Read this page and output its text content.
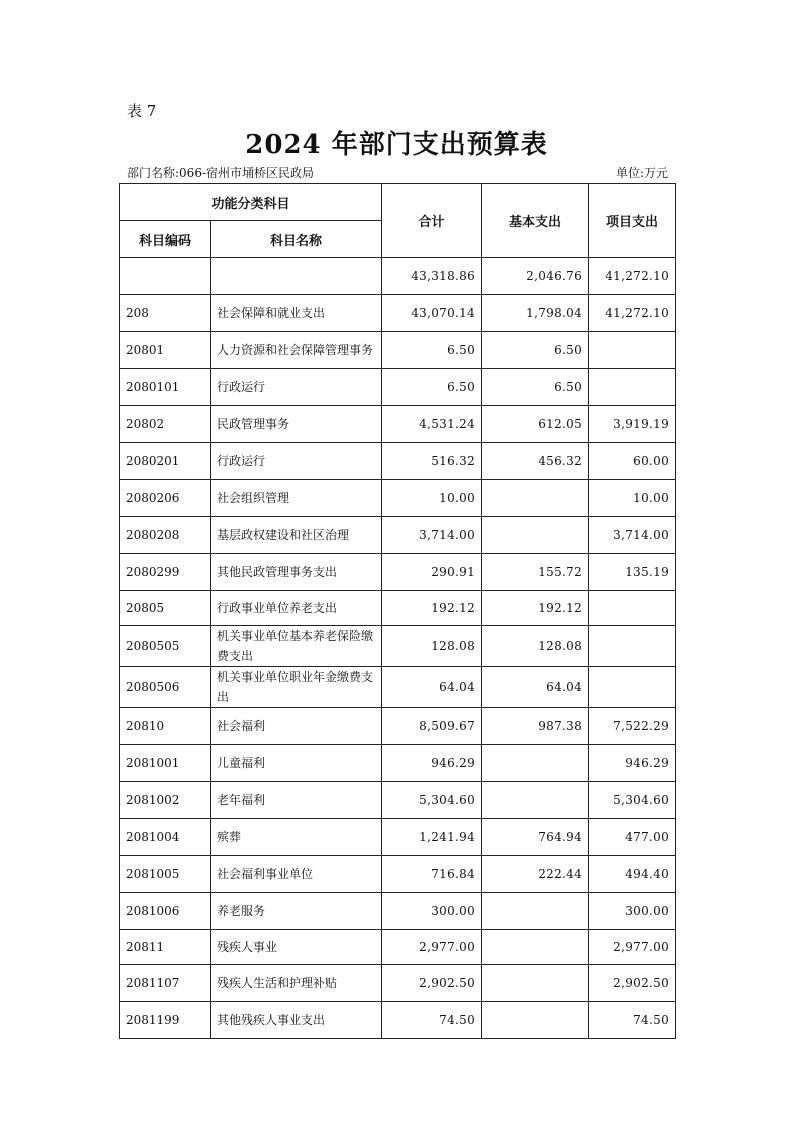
表 7
2024 年部门支出预算表
部门名称:066-宿州市埇桥区民政局	单位:万元
功能分类科目		合计	基本支出	项目支出
科目编码	科目名称			
		43,318.86	2,046.76	41,272.10
208	社会保障和就业支出	43,070.14	1,798.04	41,272.10
20801	人力资源和社会保障管理事务	6.50	6.50	
2080101	行政运行	6.50	6.50	
20802	民政管理事务	4,531.24	612.05	3,919.19
2080201	行政运行	516.32	456.32	60.00
2080206	社会组织管理	10.00		10.00
2080208	基层政权建设和社区治理	3,714.00		3,714.00
2080299	其他民政管理事务支出	290.91	155.72	135.19
20805	行政事业单位养老支出	192.12	192.12	
2080505	机关事业单位基本养老保险缴费支出	128.08	128.08	
2080506	机关事业单位职业年金缴费支出	64.04	64.04	
20810	社会福利	8,509.67	987.38	7,522.29
2081001	儿童福利	946.29		946.29
2081002	老年福利	5,304.60		5,304.60
2081004	殡葬	1,241.94	764.94	477.00
2081005	社会福利事业单位	716.84	222.44	494.40
2081006	养老服务	300.00		300.00
20811	残疾人事业	2,977.00		2,977.00
2081107	残疾人生活和护理补贴	2,902.50		2,902.50
2081199	其他残疾人事业支出	74.50		74.50
